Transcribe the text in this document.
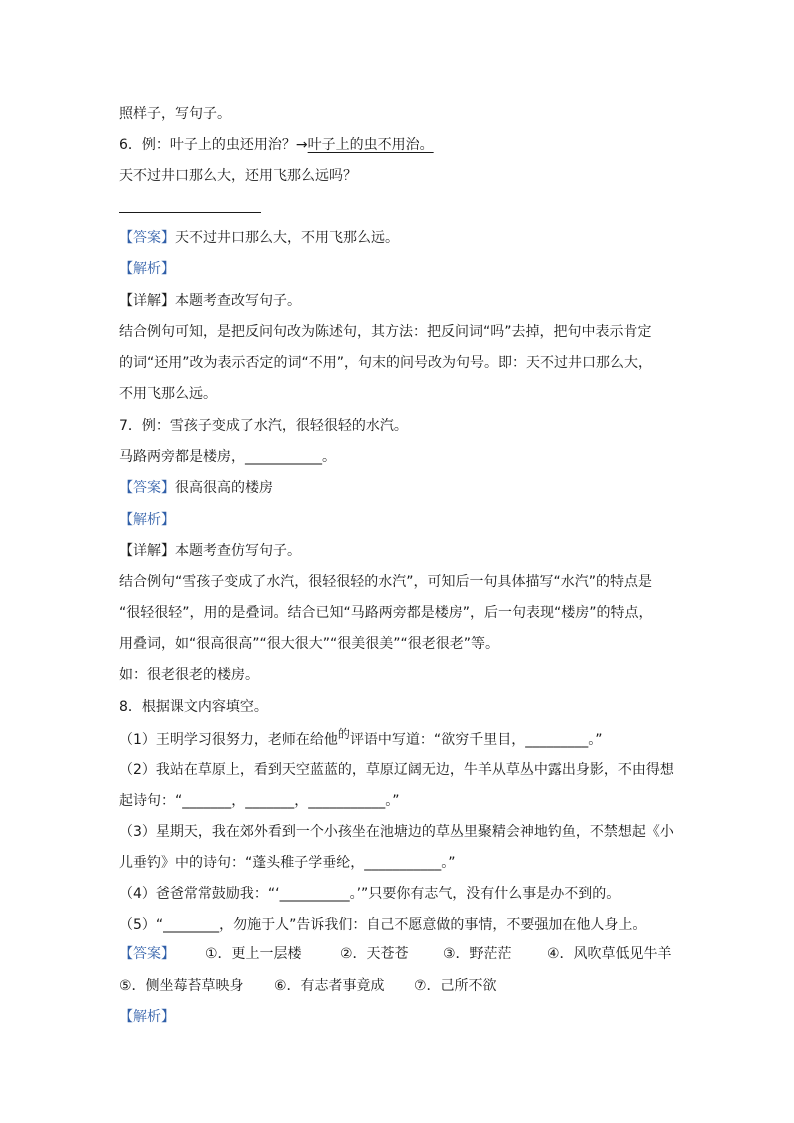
照样子，写句子。
6．例：叶子上的虫还用治？→叶子上的虫不用治。
天不过井口那么大，还用飞那么远吗？
【答案】天不过井口那么大，不用飞那么远。
【解析】
【详解】本题考查改写句子。
结合例句可知，是把反问句改为陈述句，其方法：把反问词“吗”去掉，把句中表示肯定
的词“还用”改为表示否定的词“不用”，句末的问号改为句号。即：天不过井口那么大，
不用飞那么远。
7．例：雪孩子变成了水汽，很轻很轻的水汽。
马路两旁都是楼房，___________。
【答案】很高很高的楼房
【解析】
【详解】本题考查仿写句子。
结合例句“雪孩子变成了水汽，很轻很轻的水汽”，可知后一句具体描写“水汽”的特点是
“很轻很轻”，用的是叠词。结合已知“马路两旁都是楼房”，后一句表现“楼房”的特点，
用叠词，如“很高很高”“很大很大”“很美很美”“很老很老”等。
如：很老很老的楼房。
8．根据课文内容填空。
（1）王明学习很努力，老师在给他的评语中写道：“欲穷千里目，_________。”
（2）我站在草原上，看到天空蓝蓝的，草原辽阔无边，牛羊从草丛中露出身影，不由得想
起诗句：“_______，_______，___________。”
（3）星期天，我在郊外看到一个小孩坐在池塘边的草丛里聚精会神地钓鱼，不禁想起《小
儿垂钓》中的诗句：“蓬头稚子学垂纶，___________。”
（4）爸爸常常鼓励我：“‘__________。’”只要你有志气，没有什么事是办不到的。
（5）“________，勿施于人”告诉我们：自己不愿意做的事情，不要强加在他人身上。
【答案】 ①．更上一层楼	②．天苍苍 ③．野茫茫	④．风吹草低见牛羊
⑤．侧坐莓苔草映身 ⑥．有志者事竟成 ⑦．己所不欲
【解析】
